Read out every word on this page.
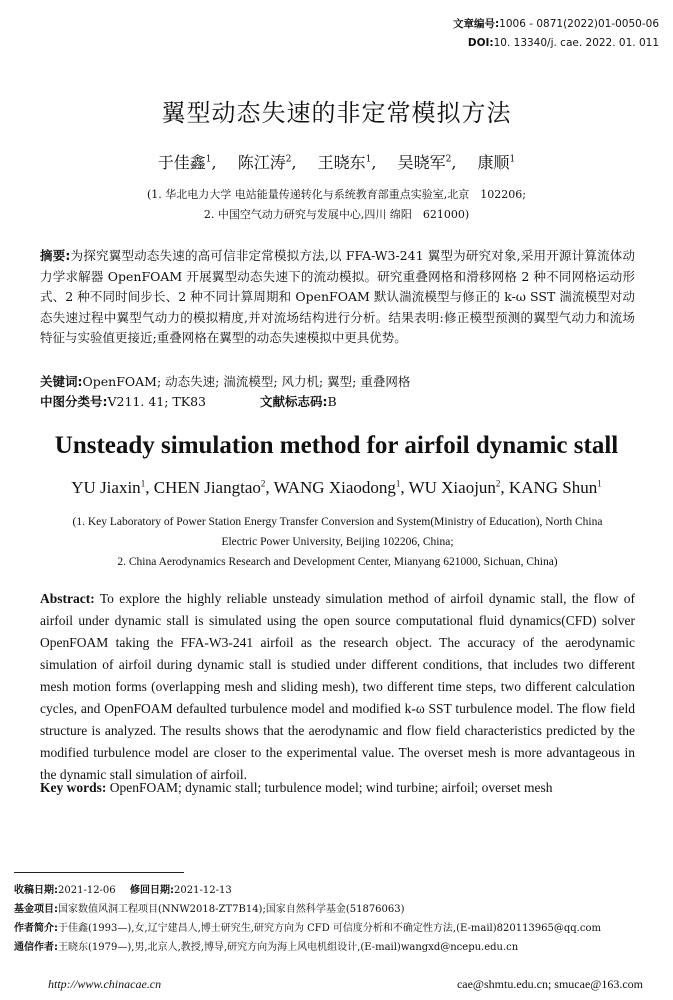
文章编号:1006 - 0871(2022)01-0050-06
DOI:10. 13340/j. cae. 2022. 01. 011
翼型动态失速的非定常模拟方法
于佳鑫$^1$, 陈江涛$^2$, 王晓东$^1$, 吴晓军$^2$, 康顺$^1$
(1. 华北电力大学 电站能量传递转化与系统教育部重点实验室,北京　102206;
2. 中国空气动力研究与发展中心,四川 绵阳　621000)
摘要:为探究翼型动态失速的高可信非定常模拟方法,以 FFA-W3-241 翼型为研究对象,采用开源计算流体动力学求解器 OpenFOAM 开展翼型动态失速下的流动模拟。研究重叠网格和滑移网格 2 种不同网格运动形式、2 种不同时间步长、2 种不同计算周期和 OpenFOAM 默认湍流模型与修正的 k-ω SST 湍流模型对动态失速过程中翼型气动力的模拟精度,并对流场结构进行分析。结果表明:修正模型预测的翼型气动力和流场特征与实验值更接近;重叠网格在翼型的动态失速模拟中更具优势。
关键词:OpenFOAM; 动态失速; 湍流模型; 风力机; 翼型; 重叠网格
中图分类号:V211. 41; TK83	文献标志码:B
Unsteady simulation method for airfoil dynamic stall
YU Jiaxin$^1$, CHEN Jiangtao$^2$, WANG Xiaodong$^1$, WU Xiaojun$^2$, KANG Shun$^1$
(1. Key Laboratory of Power Station Energy Transfer Conversion and System(Ministry of Education), North China Electric Power University, Beijing 102206, China;
2. China Aerodynamics Research and Development Center, Mianyang 621000, Sichuan, China)
Abstract: To explore the highly reliable unsteady simulation method of airfoil dynamic stall, the flow of airfoil under dynamic stall is simulated using the open source computational fluid dynamics(CFD) solver OpenFOAM taking the FFA-W3-241 airfoil as the research object. The accuracy of the aerodynamic simulation of airfoil during dynamic stall is studied under different conditions, that includes two different mesh motion forms (overlapping mesh and sliding mesh), two different time steps, two different calculation cycles, and OpenFOAM defaulted turbulence model and modified k-ω SST turbulence model. The flow field structure is analyzed. The results shows that the aerodynamic and flow field characteristics predicted by the modified turbulence model are closer to the experimental value. The overset mesh is more advantageous in the dynamic stall simulation of airfoil.
Key words: OpenFOAM; dynamic stall; turbulence model; wind turbine; airfoil; overset mesh
收稿日期:2021-12-06 修回日期:2021-12-13
基金项目:国家数值风洞工程项目(NNW2018-ZT7B14);国家自然科学基金(51876063)
作者简介:于佳鑫(1993—),女,辽宁建昌人,博士研究生,研究方向为 CFD 可信度分析和不确定性方法,(E-mail)820113965@qq.com
通信作者:王晓东(1979—),男,北京人,教授,博导,研究方向为海上风电机组设计,(E-mail)wangxd@ncepu.edu.cn
http://www.chinacae.cn	cae@shmtu.edu.cn; smucae@163.com
